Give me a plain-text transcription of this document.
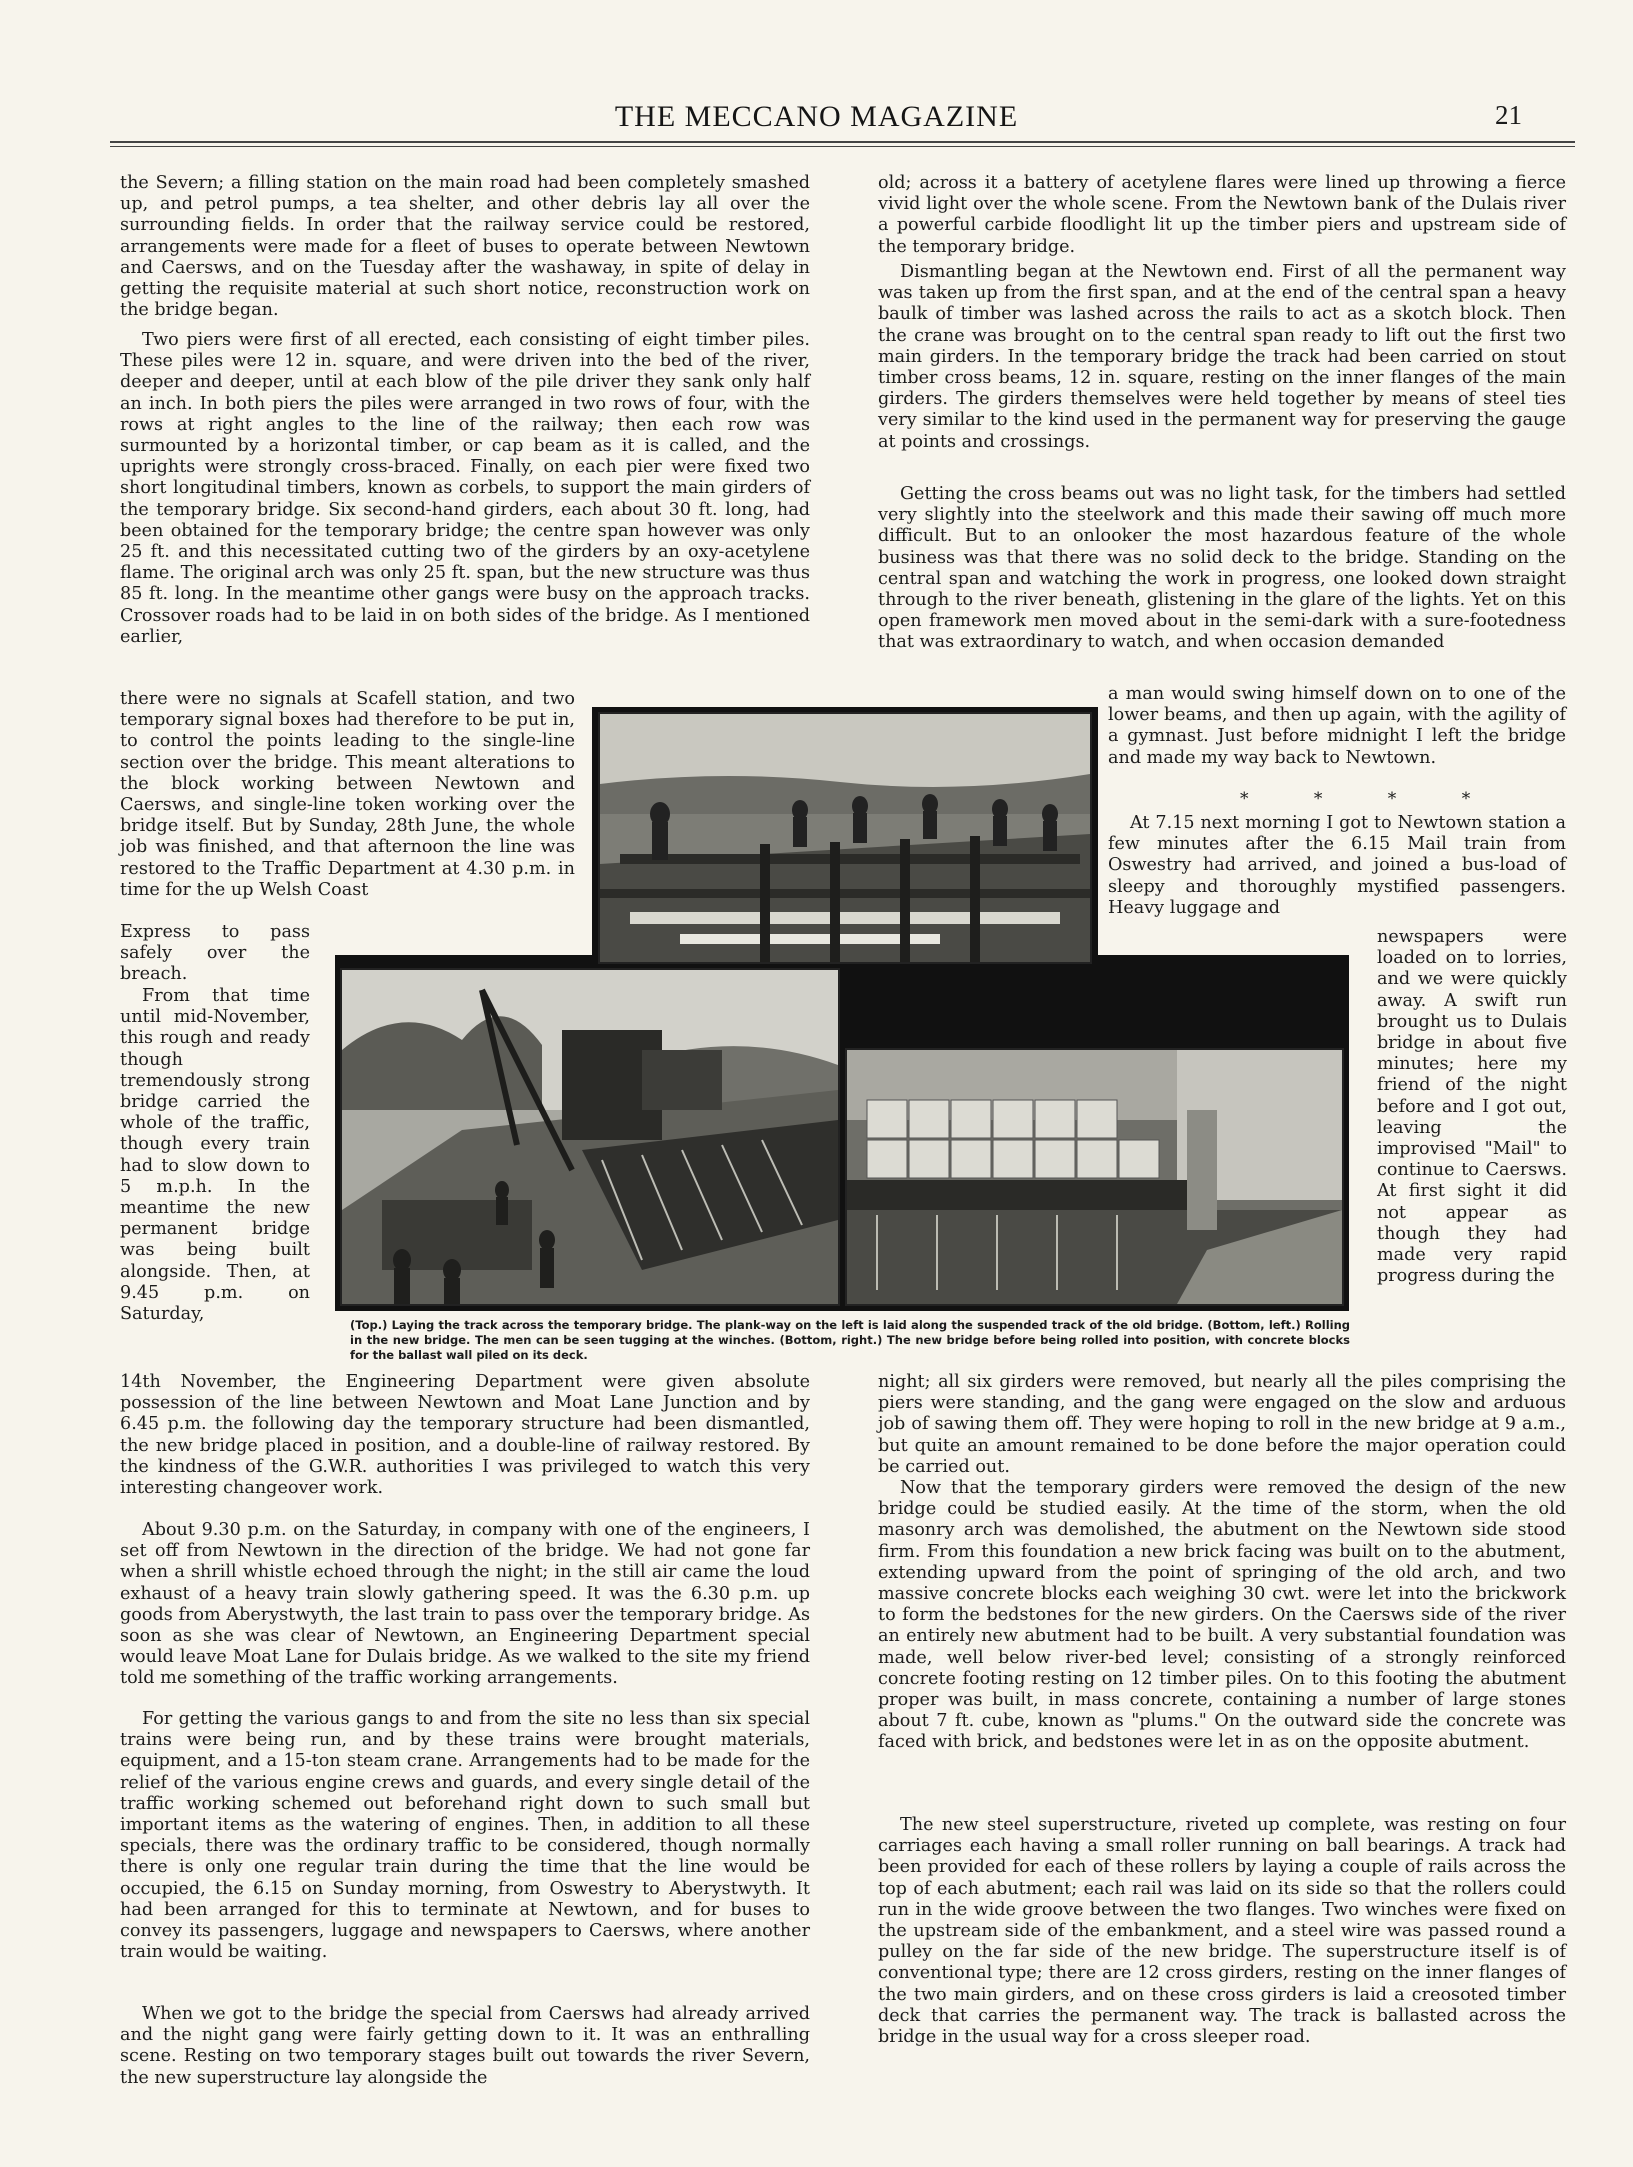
THE MECCANO MAGAZINE	21

the Severn; a filling station on the main road had been completely smashed up, and petrol pumps, a tea shelter, and other debris lay all over the surrounding fields. In order that the railway service could be restored, arrangements were made for a fleet of buses to operate between Newtown and Caersws, and on the Tuesday after the washaway, in spite of delay in getting the requisite material at such short notice, reconstruction work on the bridge began.

Two piers were first of all erected, each consisting of eight timber piles. These piles were 12 in. square, and were driven into the bed of the river, deeper and deeper, until at each blow of the pile driver they sank only half an inch. In both piers the piles were arranged in two rows of four, with the rows at right angles to the line of the railway; then each row was surmounted by a horizontal timber, or cap beam as it is called, and the uprights were strongly cross-braced. Finally, on each pier were fixed two short longitudinal timbers, known as corbels, to support the main girders of the temporary bridge. Six second-hand girders, each about 30 ft. long, had been obtained for the temporary bridge; the centre span however was only 25 ft. and this necessitated cutting two of the girders by an oxy-acetylene flame. The original arch was only 25 ft. span, but the new structure was thus 85 ft. long. In the meantime other gangs were busy on the approach tracks. Crossover roads had to be laid in on both sides of the bridge. As I mentioned earlier,

there were no signals at Scafell station, and two temporary signal boxes had therefore to be put in, to control the points leading to the single-line section over the bridge. This meant alterations to the block working between Newtown and Caersws, and single-line token working over the bridge itself. But by Sunday, 28th June, the whole job was finished, and that afternoon the line was restored to the Traffic Department at 4.30 p.m. in time for the up Welsh Coast

Express to pass safely over the breach.

From that time until mid-November, this rough and ready though tremendously strong bridge carried the whole of the traffic, though every train had to slow down to 5 m.p.h. In the meantime the new permanent bridge was being built alongside. Then, at 9.45 p.m. on Saturday,

14th November, the Engineering Department were given absolute possession of the line between Newtown and Moat Lane Junction and by 6.45 p.m. the following day the temporary structure had been dismantled, the new bridge placed in position, and a double-line of railway restored. By the kindness of the G.W.R. authorities I was privileged to watch this very interesting changeover work.

About 9.30 p.m. on the Saturday, in company with one of the engineers, I set off from Newtown in the direction of the bridge. We had not gone far when a shrill whistle echoed through the night; in the still air came the loud exhaust of a heavy train slowly gathering speed. It was the 6.30 p.m. up goods from Aberystwyth, the last train to pass over the temporary bridge. As soon as she was clear of Newtown, an Engineering Department special would leave Moat Lane for Dulais bridge. As we walked to the site my friend told me something of the traffic working arrangements.

For getting the various gangs to and from the site no less than six special trains were being run, and by these trains were brought materials, equipment, and a 15-ton steam crane. Arrangements had to be made for the relief of the various engine crews and guards, and every single detail of the traffic working schemed out beforehand right down to such small but important items as the watering of engines. Then, in addition to all these specials, there was the ordinary traffic to be considered, though normally there is only one regular train during the time that the line would be occupied, the 6.15 on Sunday morning, from Oswestry to Aberystwyth. It had been arranged for this to terminate at Newtown, and for buses to convey its passengers, luggage and newspapers to Caersws, where another train would be waiting.

When we got to the bridge the special from Caersws had already arrived and the night gang were fairly getting down to it. It was an enthralling scene. Resting on two temporary stages built out towards the river Severn, the new superstructure lay alongside the

old; across it a battery of acetylene flares were lined up throwing a fierce vivid light over the whole scene. From the Newtown bank of the Dulais river a powerful carbide floodlight lit up the timber piers and upstream side of the temporary bridge.

Dismantling began at the Newtown end. First of all the permanent way was taken up from the first span, and at the end of the central span a heavy baulk of timber was lashed across the rails to act as a skotch block. Then the crane was brought on to the central span ready to lift out the first two main girders. In the temporary bridge the track had been carried on stout timber cross beams, 12 in. square, resting on the inner flanges of the main girders. The girders themselves were held together by means of steel ties very similar to the kind used in the permanent way for preserving the gauge at points and crossings.

Getting the cross beams out was no light task, for the timbers had settled very slightly into the steelwork and this made their sawing off much more difficult. But to an onlooker the most hazardous feature of the whole business was that there was no solid deck to the bridge. Standing on the central span and watching the work in progress, one looked down straight through to the river beneath, glistening in the glare of the lights. Yet on this open framework men moved about in the semi-dark with a sure-footedness that was extraordinary to watch, and when occasion demanded

a man would swing himself down on to one of the lower beams, and then up again, with the agility of a gymnast. Just before midnight I left the bridge and made my way back to Newtown.

* * * *

At 7.15 next morning I got to Newtown station a few minutes after the 6.15 Mail train from Oswestry had arrived, and joined a bus-load of sleepy and thoroughly mystified passengers. Heavy luggage and

newspapers were loaded on to lorries, and we were quickly away. A swift run brought us to Dulais bridge in about five minutes; here my friend of the night before and I got out, leaving the improvised "Mail" to continue to Caersws. At first sight it did not appear as though they had made very rapid progress during the

night; all six girders were removed, but nearly all the piles comprising the piers were standing, and the gang were engaged on the slow and arduous job of sawing them off. They were hoping to roll in the new bridge at 9 a.m., but quite an amount remained to be done before the major operation could be carried out.

Now that the temporary girders were removed the design of the new bridge could be studied easily. At the time of the storm, when the old masonry arch was demolished, the abutment on the Newtown side stood firm. From this foundation a new brick facing was built on to the abutment, extending upward from the point of springing of the old arch, and two massive concrete blocks each weighing 30 cwt. were let into the brickwork to form the bedstones for the new girders. On the Caersws side of the river an entirely new abutment had to be built. A very substantial foundation was made, well below river-bed level; consisting of a strongly reinforced concrete footing resting on 12 timber piles. On to this footing the abutment proper was built, in mass concrete, containing a number of large stones about 7 ft. cube, known as "plums." On the outward side the concrete was faced with brick, and bedstones were let in as on the opposite abutment.

The new steel superstructure, riveted up complete, was resting on four carriages each having a small roller running on ball bearings. A track had been provided for each of these rollers by laying a couple of rails across the top of each abutment; each rail was laid on its side so that the rollers could run in the wide groove between the two flanges. Two winches were fixed on the upstream side of the embankment, and a steel wire was passed round a pulley on the far side of the new bridge. The superstructure itself is of conventional type; there are 12 cross girders, resting on the inner flanges of the two main girders, and on these cross girders is laid a creosoted timber deck that carries the permanent way. The track is ballasted across the bridge in the usual way for a cross sleeper road.

(Top.) Laying the track across the temporary bridge. The plank-way on the left is laid along the suspended track of the old bridge. (Bottom, left.) Rolling in the new bridge. The men can be seen tugging at the winches. (Bottom, right.) The new bridge before being rolled into position, with concrete blocks for the ballast wall piled on its deck.
